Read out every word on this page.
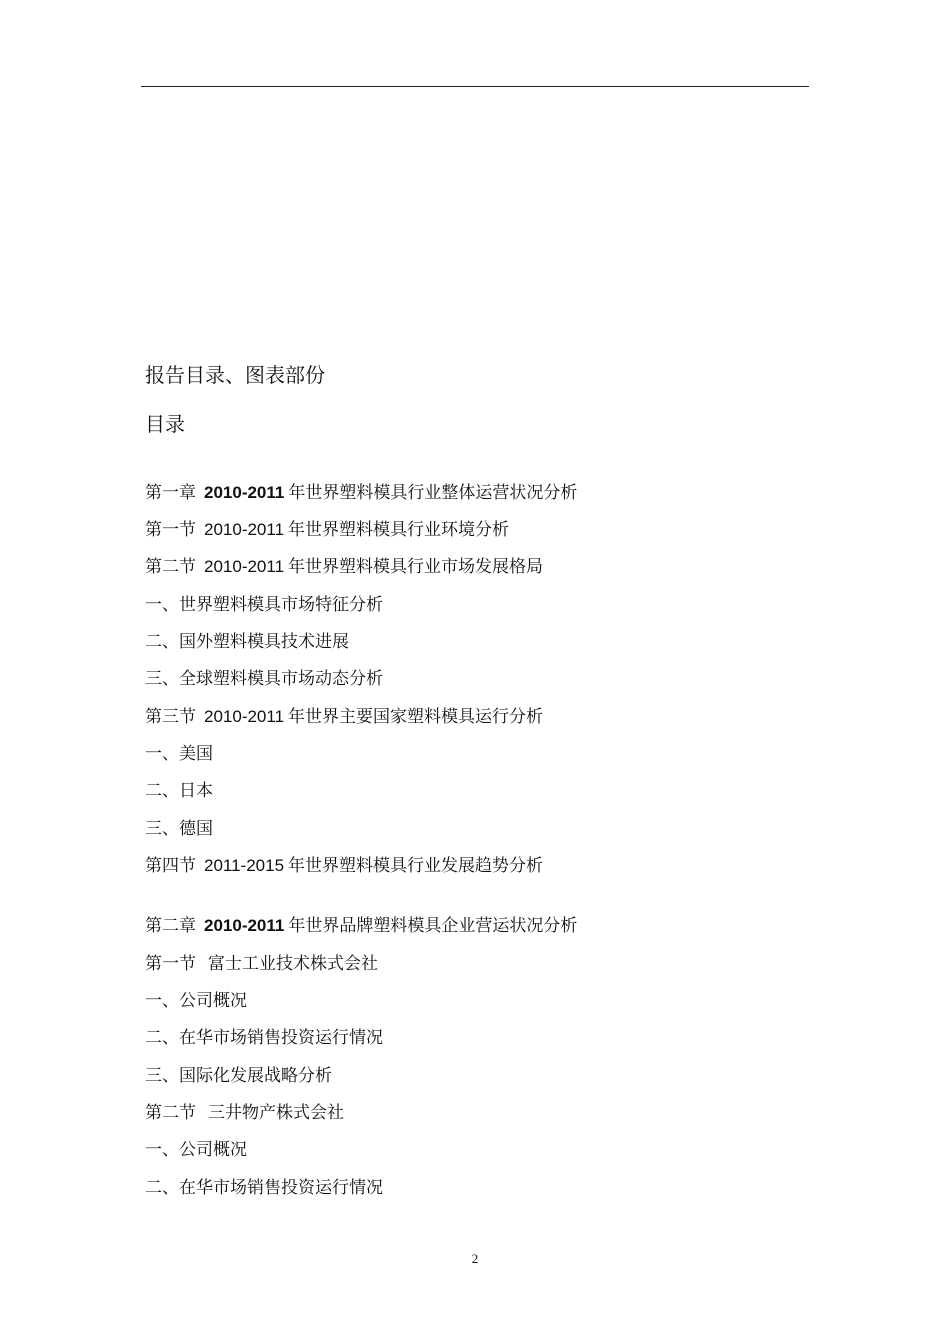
报告目录、图表部份
目录
第一章 2010-2011 年世界塑料模具行业整体运营状况分析
第一节 2010-2011 年世界塑料模具行业环境分析
第二节 2010-2011 年世界塑料模具行业市场发展格局
一、世界塑料模具市场特征分析
二、国外塑料模具技术进展
三、全球塑料模具市场动态分析
第三节 2010-2011 年世界主要国家塑料模具运行分析
一、美国
二、日本
三、德国
第四节 2011-2015 年世界塑料模具行业发展趋势分析
第二章 2010-2011 年世界品牌塑料模具企业营运状况分析
第一节 富士工业技术株式会社
一、公司概况
二、在华市场销售投资运行情况
三、国际化发展战略分析
第二节 三井物产株式会社
一、公司概况
二、在华市场销售投资运行情况
2
